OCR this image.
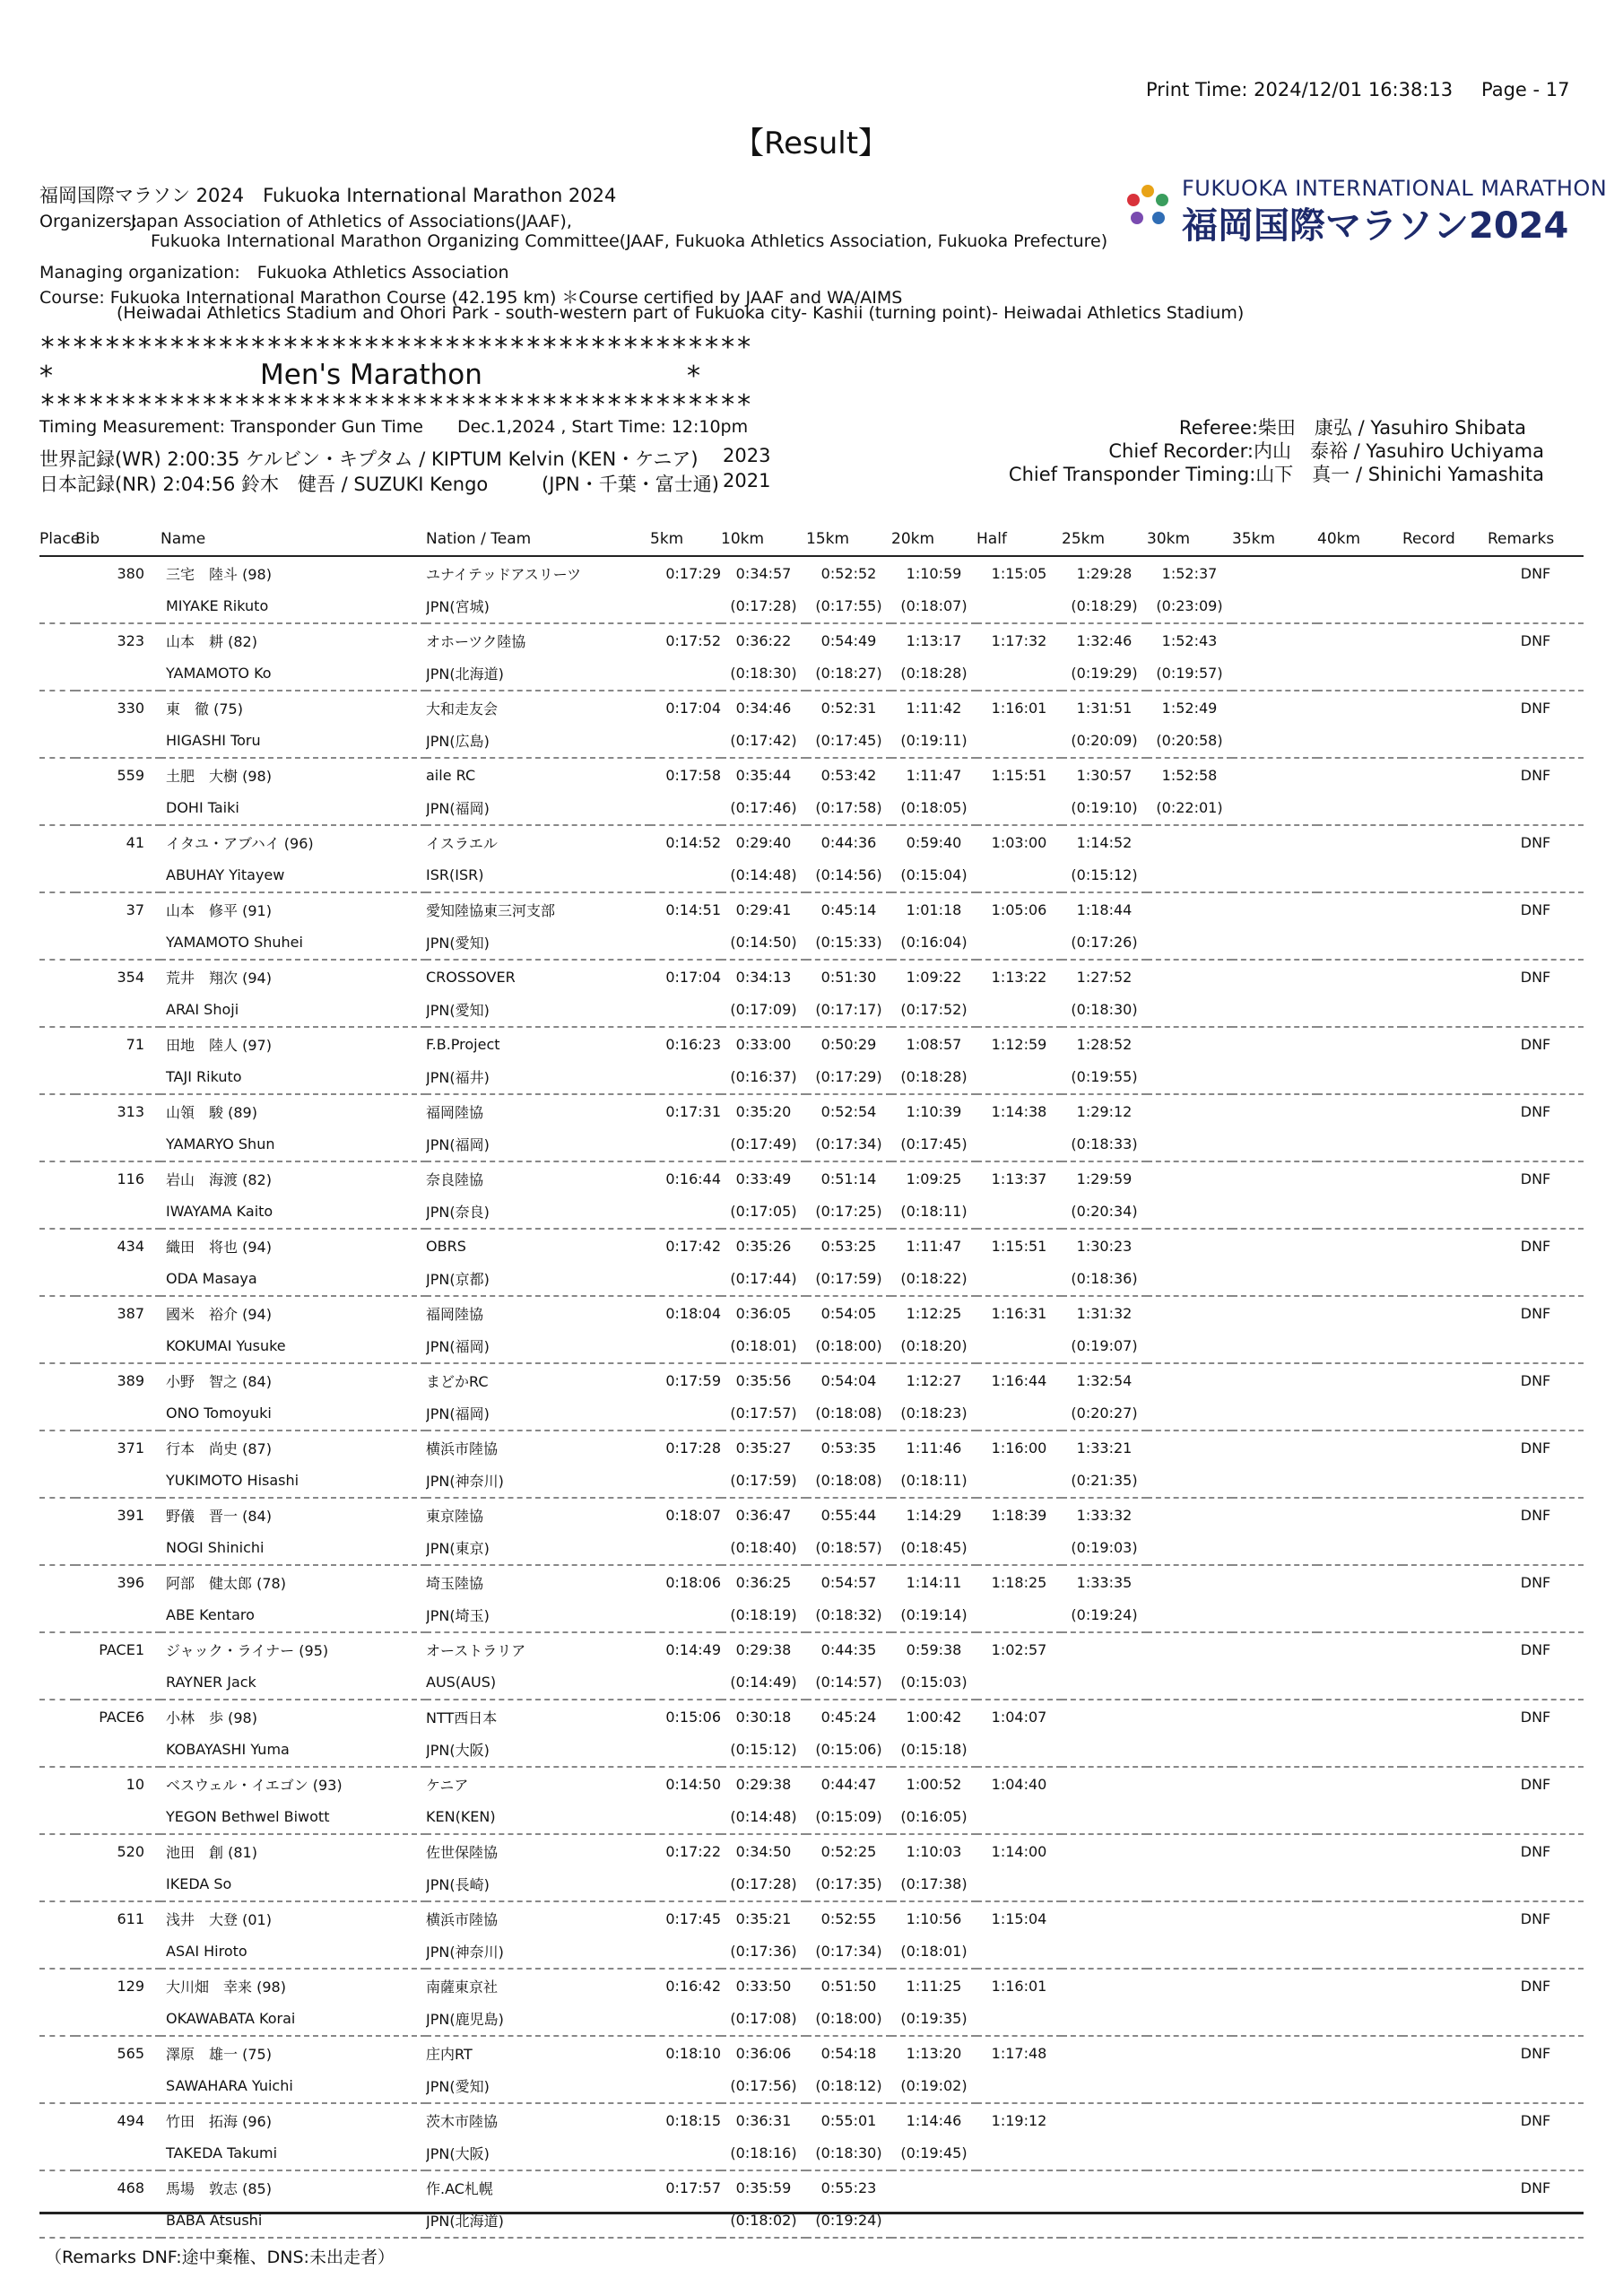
Print Time: 2024/12/01 16:38:13 Page - 17
【Result】
福岡国際マラソン 2024　Fukuoka International Marathon 2024
Organizers:
Japan Association of Athletics of Associations(JAAF),
Fukuoka International Marathon Organizing Committee(JAAF, Fukuoka Athletics Association, Fukuoka Prefecture)
Managing organization:　Fukuoka Athletics Association
Course: Fukuoka International Marathon Course (42.195 km) ＊Course certified by JAAF and WA/AIMS
(Heiwadai Athletics Stadium and Ohori Park - south-western part of Fukuoka city- Kashii (turning point)- Heiwadai Athletics Stadium)
FUKUOKA INTERNATIONAL MARATHON
福岡国際マラソン2024
********************************************
*	Men's Marathon	*
********************************************
Timing Measurement: Transponder Gun Time　　Dec.1,2024 , Start Time: 12:10pm
世界記録(WR) 2:00:35 ケルビン・キプタム / KIPTUM Kelvin (KEN・ケニア) 2023
日本記録(NR) 2:04:56 鈴木　健吾 / SUZUKI Kengo	(JPN・千葉・富士通) 2021
Referee:柴田　康弘 / Yasuhiro Shibata
Chief Recorder:内山　泰裕 / Yasuhiro Uchiyama
Chief Transponder Timing:山下　真一 / Shinichi Yamashita
Place	Bib	Name	Nation / Team	5km	10km	15km	20km	Half	25km	30km	35km	40km	Record	Remarks
	380	三宅　陸斗 (98)	ユナイテッドアスリーツ	0:17:29	0:34:57	0:52:52	1:10:59	1:15:05	1:29:28	1:52:37				DNF
		MIYAKE Rikuto	JPN(宮城)		(0:17:28)	(0:17:55)	(0:18:07)		(0:18:29)	(0:23:09)				
	323	山本　耕 (82)	オホーツク陸協	0:17:52	0:36:22	0:54:49	1:13:17	1:17:32	1:32:46	1:52:43				DNF
		YAMAMOTO Ko	JPN(北海道)		(0:18:30)	(0:18:27)	(0:18:28)		(0:19:29)	(0:19:57)				
	330	東　徹 (75)	大和走友会	0:17:04	0:34:46	0:52:31	1:11:42	1:16:01	1:31:51	1:52:49				DNF
		HIGASHI Toru	JPN(広島)		(0:17:42)	(0:17:45)	(0:19:11)		(0:20:09)	(0:20:58)				
	559	土肥　大樹 (98)	aile RC	0:17:58	0:35:44	0:53:42	1:11:47	1:15:51	1:30:57	1:52:58				DNF
		DOHI Taiki	JPN(福岡)		(0:17:46)	(0:17:58)	(0:18:05)		(0:19:10)	(0:22:01)				
	41	イタユ・アブハイ (96)	イスラエル	0:14:52	0:29:40	0:44:36	0:59:40	1:03:00	1:14:52					DNF
		ABUHAY Yitayew	ISR(ISR)		(0:14:48)	(0:14:56)	(0:15:04)		(0:15:12)					
	37	山本　修平 (91)	愛知陸協東三河支部	0:14:51	0:29:41	0:45:14	1:01:18	1:05:06	1:18:44					DNF
		YAMAMOTO Shuhei	JPN(愛知)		(0:14:50)	(0:15:33)	(0:16:04)		(0:17:26)					
	354	荒井　翔次 (94)	CROSSOVER	0:17:04	0:34:13	0:51:30	1:09:22	1:13:22	1:27:52					DNF
		ARAI Shoji	JPN(愛知)		(0:17:09)	(0:17:17)	(0:17:52)		(0:18:30)					
	71	田地　陸人 (97)	F.B.Project	0:16:23	0:33:00	0:50:29	1:08:57	1:12:59	1:28:52					DNF
		TAJI Rikuto	JPN(福井)		(0:16:37)	(0:17:29)	(0:18:28)		(0:19:55)					
	313	山領　駿 (89)	福岡陸協	0:17:31	0:35:20	0:52:54	1:10:39	1:14:38	1:29:12					DNF
		YAMARYO Shun	JPN(福岡)		(0:17:49)	(0:17:34)	(0:17:45)		(0:18:33)					
	116	岩山　海渡 (82)	奈良陸協	0:16:44	0:33:49	0:51:14	1:09:25	1:13:37	1:29:59					DNF
		IWAYAMA Kaito	JPN(奈良)		(0:17:05)	(0:17:25)	(0:18:11)		(0:20:34)					
	434	織田　将也 (94)	OBRS	0:17:42	0:35:26	0:53:25	1:11:47	1:15:51	1:30:23					DNF
		ODA Masaya	JPN(京都)		(0:17:44)	(0:17:59)	(0:18:22)		(0:18:36)					
	387	國米　裕介 (94)	福岡陸協	0:18:04	0:36:05	0:54:05	1:12:25	1:16:31	1:31:32					DNF
		KOKUMAI Yusuke	JPN(福岡)		(0:18:01)	(0:18:00)	(0:18:20)		(0:19:07)					
	389	小野　智之 (84)	まどかRC	0:17:59	0:35:56	0:54:04	1:12:27	1:16:44	1:32:54					DNF
		ONO Tomoyuki	JPN(福岡)		(0:17:57)	(0:18:08)	(0:18:23)		(0:20:27)					
	371	行本　尚史 (87)	横浜市陸協	0:17:28	0:35:27	0:53:35	1:11:46	1:16:00	1:33:21					DNF
		YUKIMOTO Hisashi	JPN(神奈川)		(0:17:59)	(0:18:08)	(0:18:11)		(0:21:35)					
	391	野儀　晋一 (84)	東京陸協	0:18:07	0:36:47	0:55:44	1:14:29	1:18:39	1:33:32					DNF
		NOGI Shinichi	JPN(東京)		(0:18:40)	(0:18:57)	(0:18:45)		(0:19:03)					
	396	阿部　健太郎 (78)	埼玉陸協	0:18:06	0:36:25	0:54:57	1:14:11	1:18:25	1:33:35					DNF
		ABE Kentaro	JPN(埼玉)		(0:18:19)	(0:18:32)	(0:19:14)		(0:19:24)					
	PACE1	ジャック・ライナー (95)	オーストラリア	0:14:49	0:29:38	0:44:35	0:59:38	1:02:57						DNF
		RAYNER Jack	AUS(AUS)		(0:14:49)	(0:14:57)	(0:15:03)							
	PACE6	小林　歩 (98)	NTT西日本	0:15:06	0:30:18	0:45:24	1:00:42	1:04:07						DNF
		KOBAYASHI Yuma	JPN(大阪)		(0:15:12)	(0:15:06)	(0:15:18)							
	10	ベスウェル・イエゴン (93)	ケニア	0:14:50	0:29:38	0:44:47	1:00:52	1:04:40						DNF
		YEGON Bethwel Biwott	KEN(KEN)		(0:14:48)	(0:15:09)	(0:16:05)							
	520	池田　創 (81)	佐世保陸協	0:17:22	0:34:50	0:52:25	1:10:03	1:14:00						DNF
		IKEDA So	JPN(長崎)		(0:17:28)	(0:17:35)	(0:17:38)							
	611	浅井　大登 (01)	横浜市陸協	0:17:45	0:35:21	0:52:55	1:10:56	1:15:04						DNF
		ASAI Hiroto	JPN(神奈川)		(0:17:36)	(0:17:34)	(0:18:01)							
	129	大川畑　幸来 (98)	南薩東京社	0:16:42	0:33:50	0:51:50	1:11:25	1:16:01						DNF
		OKAWABATA Korai	JPN(鹿児島)		(0:17:08)	(0:18:00)	(0:19:35)							
	565	澤原　雄一 (75)	庄内RT	0:18:10	0:36:06	0:54:18	1:13:20	1:17:48						DNF
		SAWAHARA Yuichi	JPN(愛知)		(0:17:56)	(0:18:12)	(0:19:02)							
	494	竹田　拓海 (96)	茨木市陸協	0:18:15	0:36:31	0:55:01	1:14:46	1:19:12						DNF
		TAKEDA Takumi	JPN(大阪)		(0:18:16)	(0:18:30)	(0:19:45)							
	468	馬場　敦志 (85)	作.AC札幌	0:17:57	0:35:59	0:55:23								DNF
		BABA Atsushi	JPN(北海道)		(0:18:02)	(0:19:24)								
（Remarks DNF:途中棄権、DNS:未出走者）
